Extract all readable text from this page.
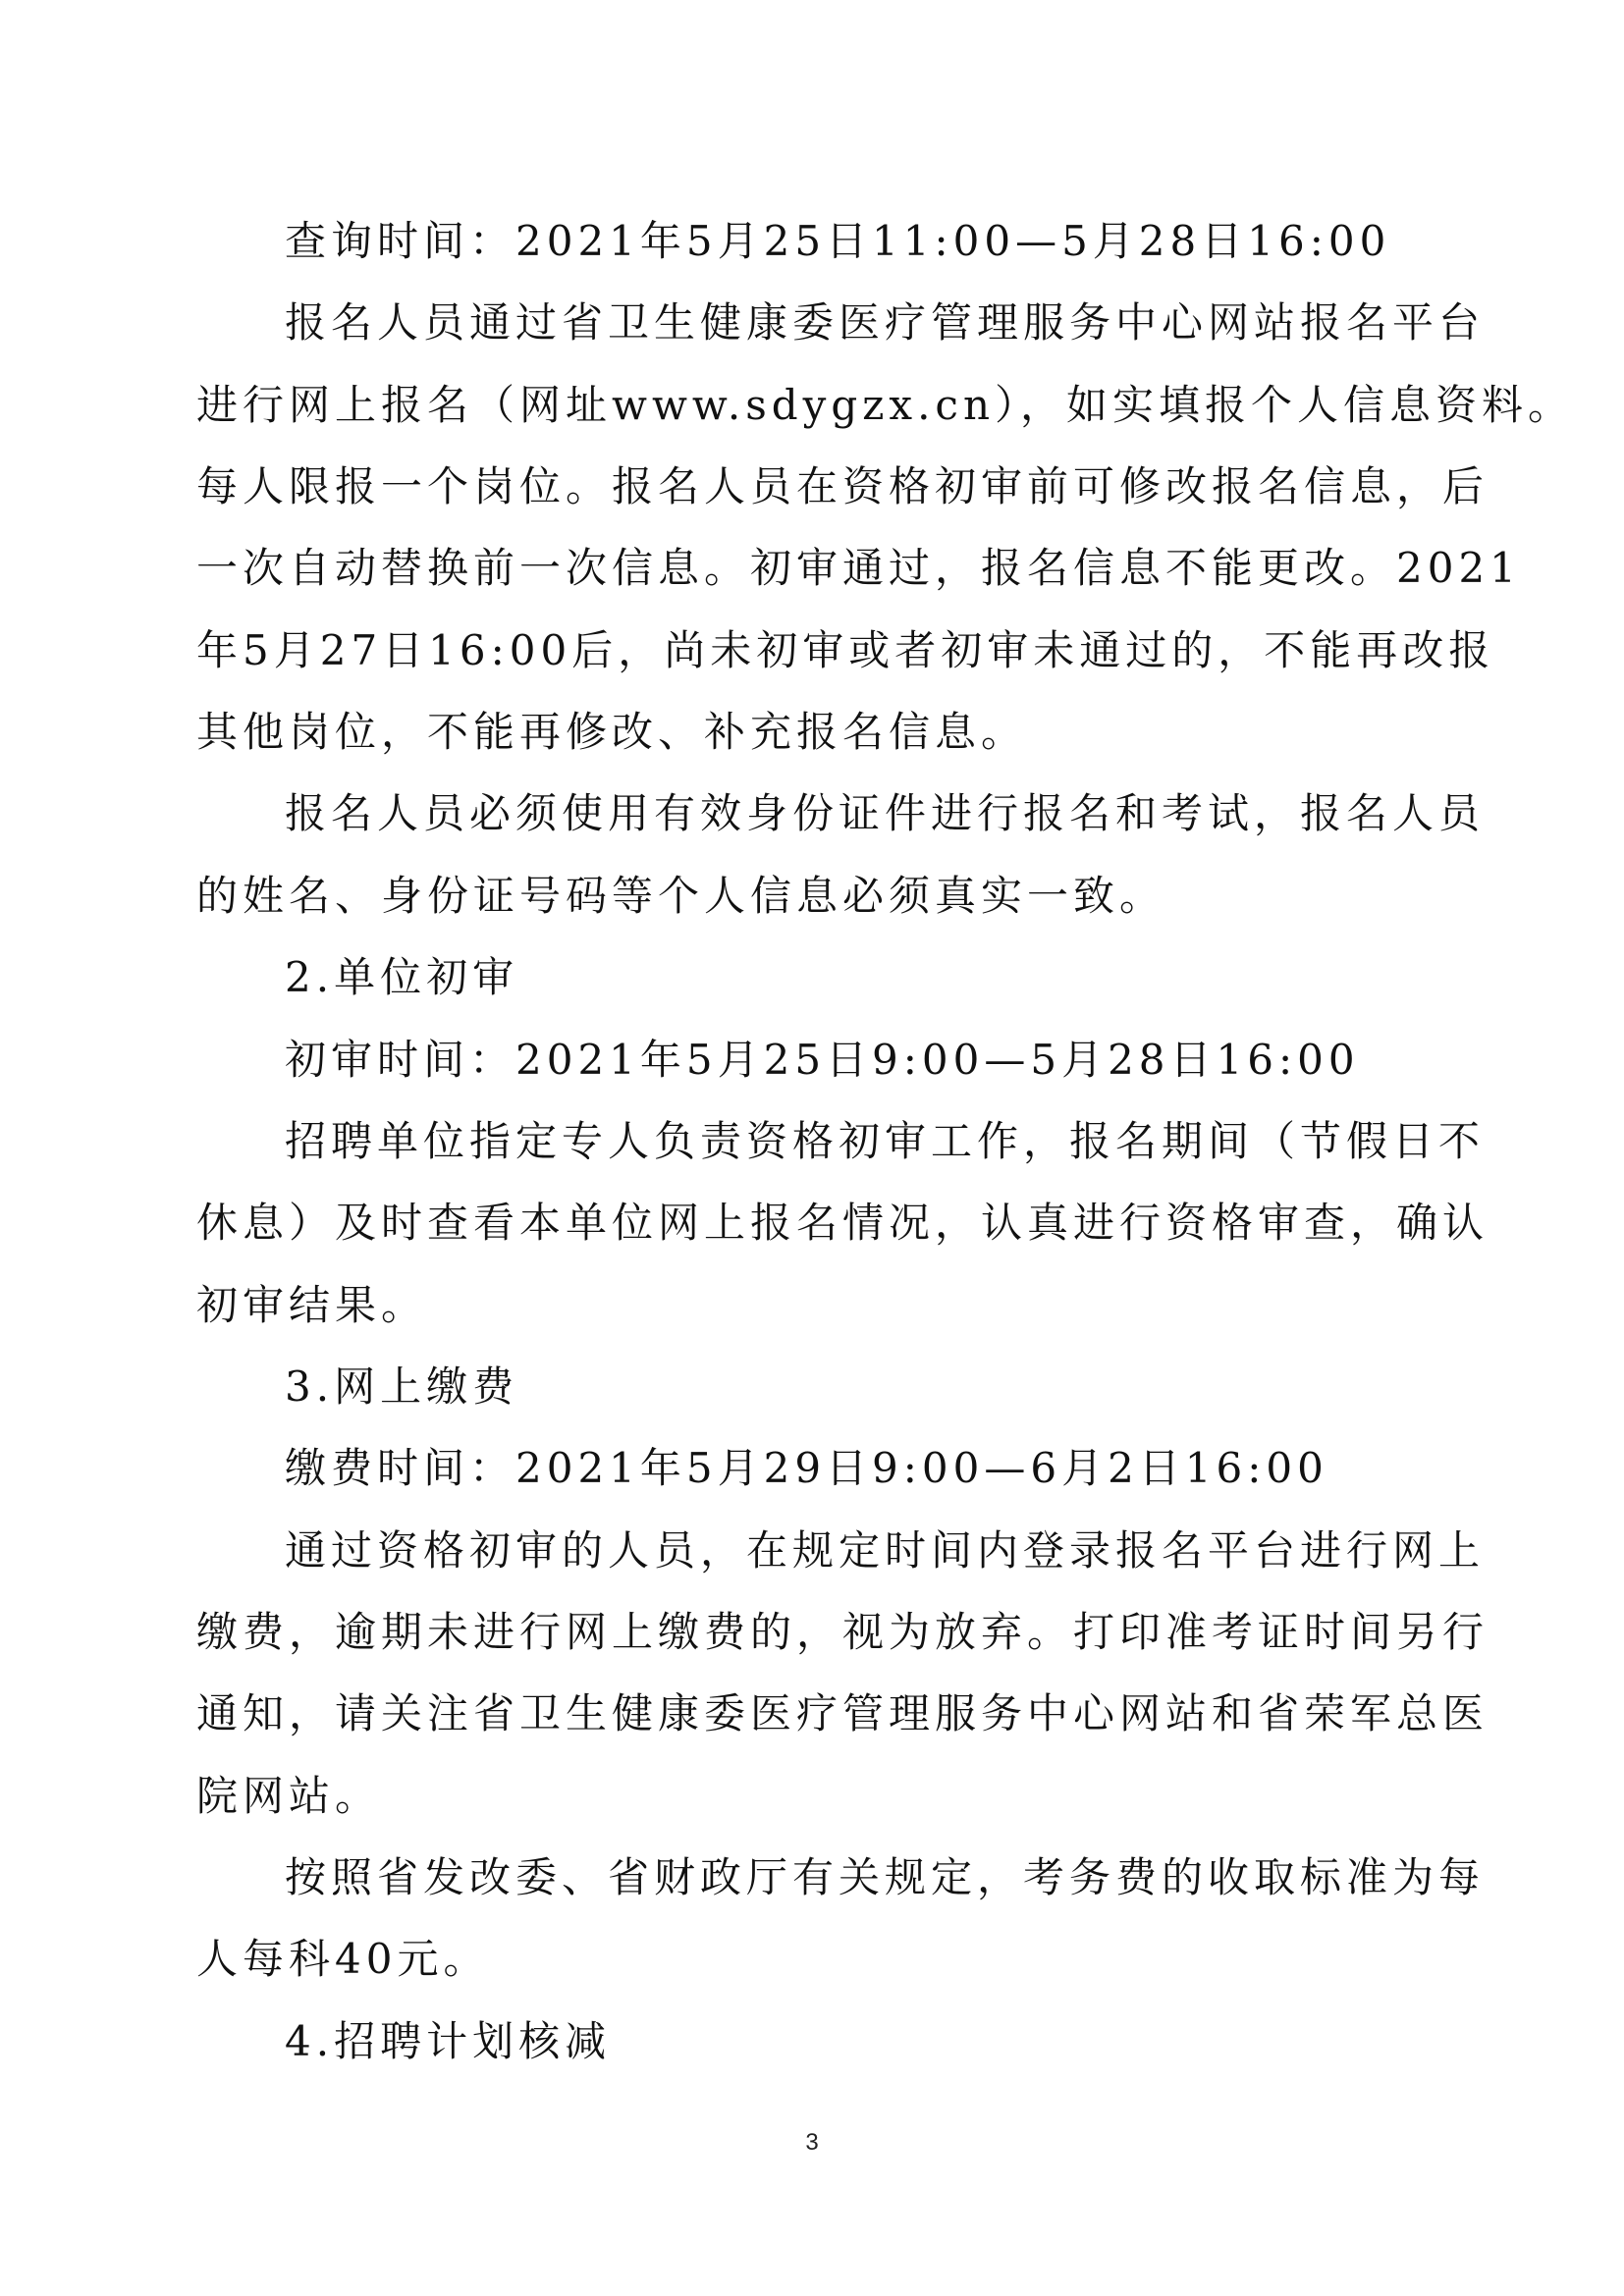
查询时间：2021年5月25日11:00—5月28日16:00
报名人员通过省卫生健康委医疗管理服务中心网站报名平台
进行网上报名（网址www.sdygzx.cn），如实填报个人信息资料。
每人限报一个岗位。报名人员在资格初审前可修改报名信息，后
一次自动替换前一次信息。初审通过，报名信息不能更改。2021
年5月27日16:00后，尚未初审或者初审未通过的，不能再改报
其他岗位，不能再修改、补充报名信息。
报名人员必须使用有效身份证件进行报名和考试，报名人员
的姓名、身份证号码等个人信息必须真实一致。
2.单位初审
初审时间：2021年5月25日9:00—5月28日16:00
招聘单位指定专人负责资格初审工作，报名期间（节假日不
休息）及时查看本单位网上报名情况，认真进行资格审查，确认
初审结果。
3.网上缴费
缴费时间：2021年5月29日9:00—6月2日16:00
通过资格初审的人员，在规定时间内登录报名平台进行网上
缴费，逾期未进行网上缴费的，视为放弃。打印准考证时间另行
通知，请关注省卫生健康委医疗管理服务中心网站和省荣军总医
院网站。
按照省发改委、省财政厅有关规定，考务费的收取标准为每
人每科40元。
4.招聘计划核减
3
